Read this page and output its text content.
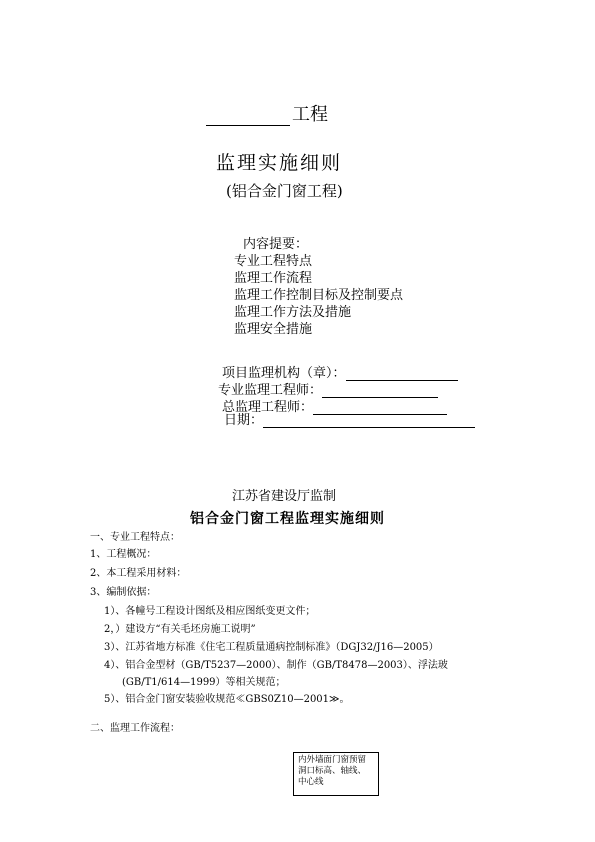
工程
监理实施细则
(铝合金门窗工程)
内容提要：
专业工程特点
监理工作流程
监理工作控制目标及控制要点
监理工作方法及措施
监理安全措施
项目监理机构（章）：
专业监理工程师：
总监理工程师：
日期：
江苏省建设厅监制
铝合金门窗工程监理实施细则
一、专业工程特点：
1、工程概况：
2、本工程采用材料：
3、编制依据：
1）、各幢号工程设计图纸及相应图纸变更文件；
2，）建设方“有关毛坯房施工说明”
3）、江苏省地方标准《住宅工程质量通病控制标准》（DGJ32/J16—2005）
4）、铝合金型材（GB/T5237—2000）、制作（GB/T8478—2003）、浮法玻
(GB/T1/614—1999）等相关规范；
5）、铝合金门窗安装验收规范≪GBS0Z10—2001≫。
二、监理工作流程：
内外墙面门窗预留洞口标高、轴线、中心线
